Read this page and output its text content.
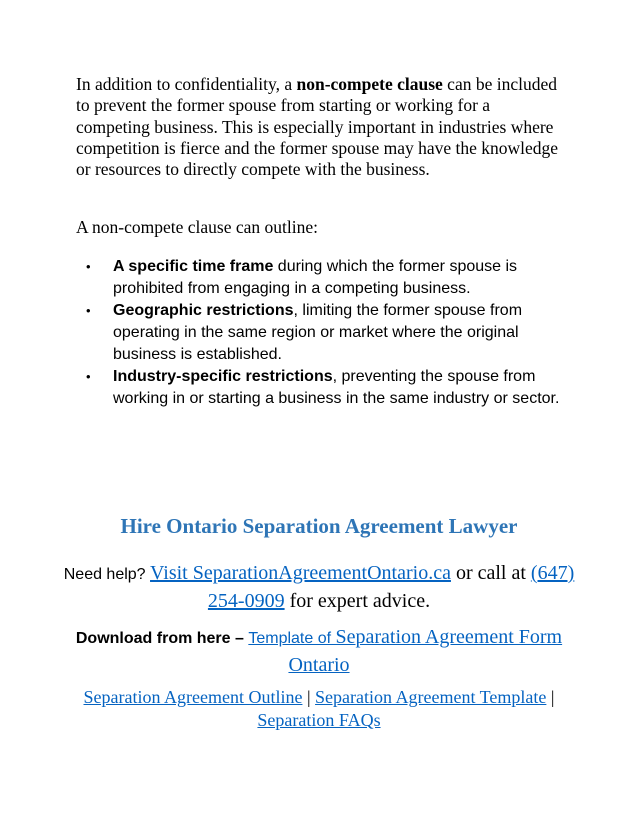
In addition to confidentiality, a non-compete clause can be included to prevent the former spouse from starting or working for a competing business. This is especially important in industries where competition is fierce and the former spouse may have the knowledge or resources to directly compete with the business.

A non-compete clause can outline:

• A specific time frame during which the former spouse is prohibited from engaging in a competing business.
• Geographic restrictions, limiting the former spouse from operating in the same region or market where the original business is established.
• Industry-specific restrictions, preventing the spouse from working in or starting a business in the same industry or sector.
Hire Ontario Separation Agreement Lawyer

Need help? Visit SeparationAgreementOntario.ca or call at (647) 254-0909 for expert advice.

Download from here – Template of Separation Agreement Form Ontario

Separation Agreement Outline | Separation Agreement Template | Separation FAQs
